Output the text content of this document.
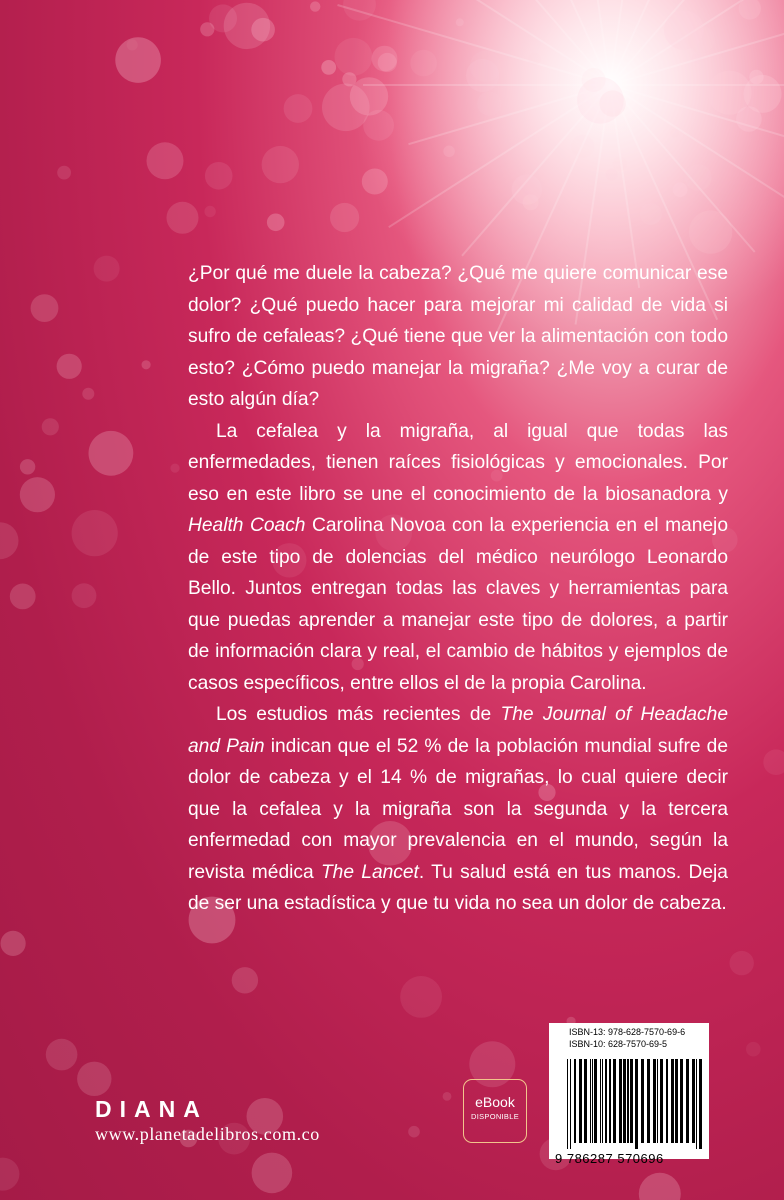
¿Por qué me duele la cabeza? ¿Qué me quiere comunicar ese dolor? ¿Qué puedo hacer para mejorar mi calidad de vida si sufro de cefaleas? ¿Qué tiene que ver la alimentación con todo esto? ¿Cómo puedo manejar la migraña? ¿Me voy a curar de esto algún día?

La cefalea y la migraña, al igual que todas las enfermedades, tienen raíces fisiológicas y emocionales. Por eso en este libro se une el conocimiento de la biosanadora y Health Coach Carolina Novoa con la experiencia en el manejo de este tipo de dolencias del médico neurólogo Leonardo Bello. Juntos entregan todas las claves y herramientas para que puedas aprender a manejar este tipo de dolores, a partir de información clara y real, el cambio de hábitos y ejemplos de casos específicos, entre ellos el de la propia Carolina.

Los estudios más recientes de The Journal of Headache and Pain indican que el 52 % de la población mundial sufre de dolor de cabeza y el 14 % de migrañas, lo cual quiere decir que la cefalea y la migraña son la segunda y la tercera enfermedad con mayor prevalencia en el mundo, según la revista médica The Lancet. Tu salud está en tus manos. Deja de ser una estadística y que tu vida no sea un dolor de cabeza.

DIANA
www.planetadelibros.com.co
eBook
DISPONIBLE
ISBN-13: 978-628-7570-69-6
ISBN-10: 628-7570-69-5
9 786287 570696
